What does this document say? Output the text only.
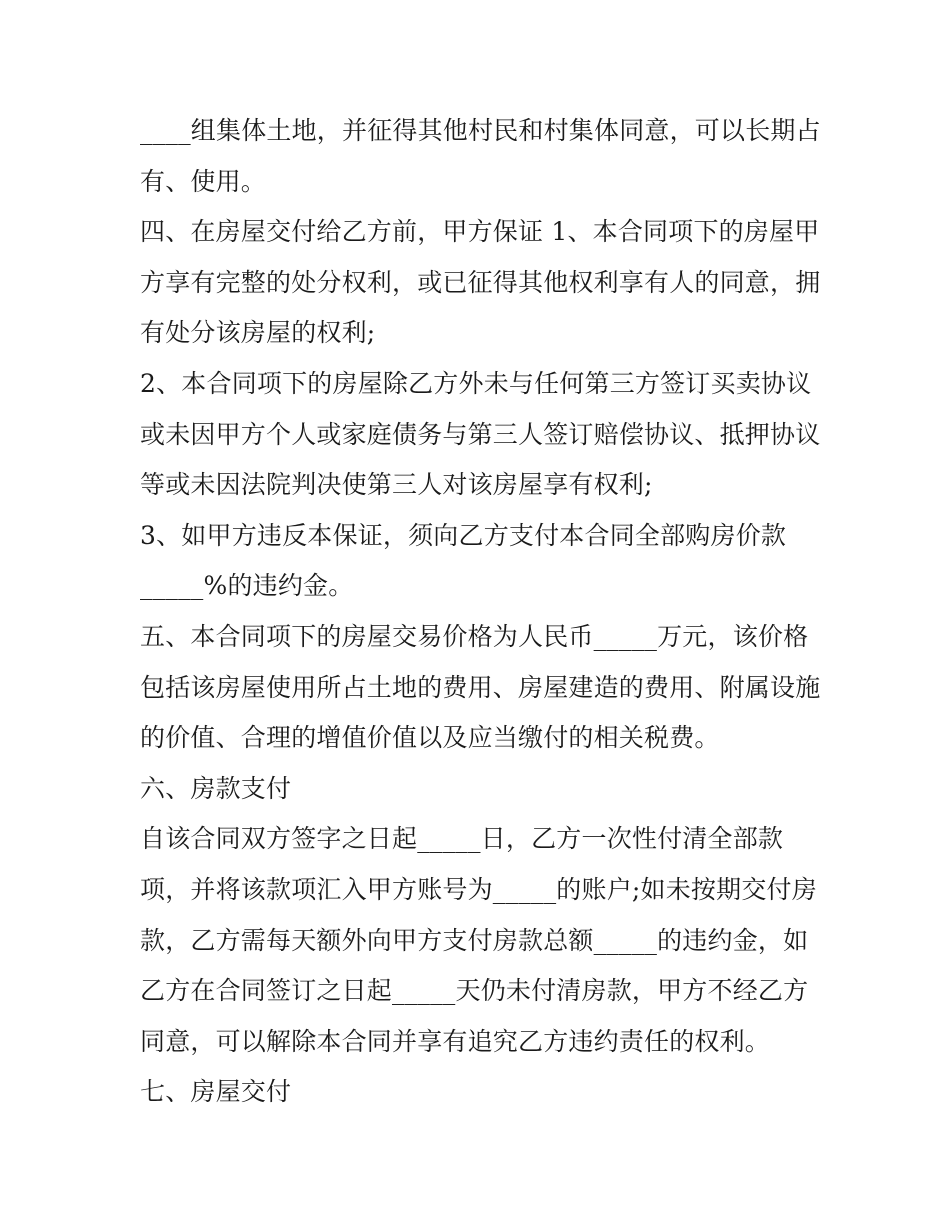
____组集体土地，并征得其他村民和村集体同意，可以长期占
有、使用。
四、在房屋交付给乙方前，甲方保证 1、本合同项下的房屋甲
方享有完整的处分权利，或已征得其他权利享有人的同意，拥
有处分该房屋的权利;
2、本合同项下的房屋除乙方外未与任何第三方签订买卖协议
或未因甲方个人或家庭债务与第三人签订赔偿协议、抵押协议
等或未因法院判决使第三人对该房屋享有权利;
3、如甲方违反本保证，须向乙方支付本合同全部购房价款
_____%的违约金。
五、本合同项下的房屋交易价格为人民币_____万元，该价格
包括该房屋使用所占土地的费用、房屋建造的费用、附属设施
的价值、合理的增值价值以及应当缴付的相关税费。
六、房款支付
自该合同双方签字之日起_____日，乙方一次性付清全部款
项，并将该款项汇入甲方账号为_____的账户;如未按期交付房
款，乙方需每天额外向甲方支付房款总额_____的违约金，如
乙方在合同签订之日起_____天仍未付清房款，甲方不经乙方
同意，可以解除本合同并享有追究乙方违约责任的权利。
七、房屋交付
